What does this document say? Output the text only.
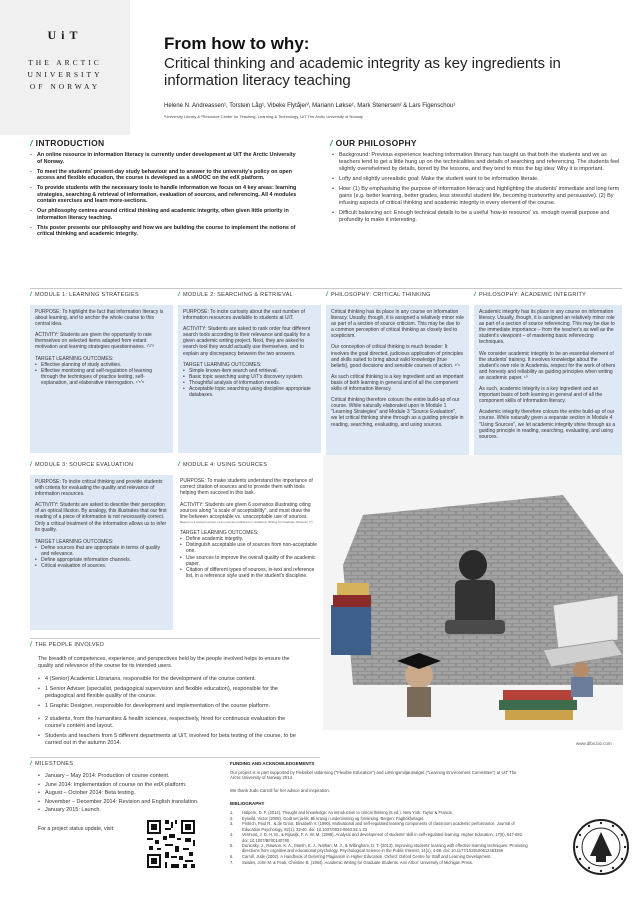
UiT
THE ARCTIC
UNIVERSITY
OF NORWAY
From how to why:
Critical thinking and academic integrity as key ingredients in information literacy teaching
Helene N. Andreassen¹, Torstein Låg¹, Vibeke Flytåjer², Mariann Løkse¹, Mark Stenersen² & Lars Figenschou¹
¹University Library & ²Resource Center for Teaching, Learning & Technology, UiT The Arctic University of Norway
/ INTRODUCTION
- An online resource in information literacy is currently under development at UiT the Arctic University of Norway.
- To meet the students' present-day study behaviour and to answer to the university's policy on open access and flexible education, the course is developed as a sMOOC on the edX platform.
- To provide students with the necessary tools to handle information we focus on 4 key areas: learning strategies, searching & retrieval of information, evaluation of sources, and referencing. All 4 modules contain exercises and learn more-sections.
- Our philosophy centres around critical thinking and academic integrity, often given little priority in information literacy teaching.
- This poster presents our philosophy and how we are building the course to implement the notions of critical thinking and academic integrity.
/ OUR PHILOSOPHY
• Background: Previous experience teaching information literacy has taught us that both the students and we as teachers tend to get a little hung up on the technicalities and details of searching and referencing. The students feel slightly overwhelmed by details, bored by the lessons, and they tend to miss the big idea: Why it is important.
• Lofty and slightly unrealistic goal: Make the student want to be information literate.
• How: (1) By emphasising the purpose of information literacy and highlighting the students' immediate and long term gains (e.g. better learning, better grades, less stressful student life, becoming trustworthy and persuasive). (2) By infusing aspects of critical thinking and academic integrity in every element of the course.
• Difficult balancing act: Enough technical details to be a useful 'how-to resource' vs. enough overall purpose and profundity to make it interesting.
/ MODULE 1: LEARNING STRATEGIES	/ MODULE 2: SEARCHING & RETRIEVAL	/ PHILOSOPHY: CRITICAL THINKING	/ PHILOSOPHY: ACADEMIC INTEGRITY

PURPOSE: To highlight the fact that information literacy is about learning, and to anchor the whole course to this central idea.

ACTIVITY: Students are given the opportunity to rate themselves on selected items adapted from extant motivation and learning strategies questionnaires. ¹ʼ²ʼ³

TARGET LEARNING OUTCOMES:

• Effective planning of study activities.
• Effective monitoring and self-regulation of learning through the techniques of practice testing, self-explanation, and elaborative interrogation. ⁴ʼ⁵ʼ⁶

PURPOSE: To incite curiosity about the vast number of information resources available to students at UiT.

ACTIVITY: Students are asked to rank order four different search tools according to their relevance and quality for a given academic writing project. Next, they are asked to search tool they would actually use themselves, and to explain any discrepancy between the two answers.

TARGET LEARNING OUTCOMES:

• Simple known-item search and retrieval.
• Basic topic searching using UiT's discovery system.
• Thoughtful analysis of information needs.
• Acceptable topic searching using discipline appropriate databases.

Critical thinking has its place in any course on information literacy. Usually, though, it is assigned a relatively minor role as part of a section of source criticism. This may be due to a common perception of critical thinking as closely tied to scepticism.

Our conception of critical thinking is much broader: It involves the goal directed, judicious application of principles and skills suited to bring about valid knowledge (true beliefs), good decisions and sensible courses of action. ⁸ʼ⁹

As such critical thinking is a key ingredient and an important basis of both learning in general and of all the component skills of information literacy.

Critical thinking therefore colours the entire build-up of our course. While naturally elaborated upon in Module 1 "Learning Strategies" and Module 3 "Source Evaluation", we let critical thinking shine through as a guiding principle in reading, searching, evaluating, and using sources.

Academic integrity has its place in any course on information literacy. Usually, though, it is assigned an relatively minor role as part of a section of source referencing. This may be due to the immediate importance – from the teacher's as well as the student's viewpoint – of mastering basic referencing techniques.

We consider academic integrity to be an essential element of the students' training. It involves knowledge about the student's own role in Academia, respect for the work of others and honesty and reliability as guiding principles when writing an academic paper. ¹⁰

As such, academic integrity is a key ingredient and an important basis of both learning in general and of all the component skills of information literacy.

Academic integrity therefore colours the entire build-up of our course. While naturally given a separate section in Module 4 "Using Sources", we let academic integrity shine through as a guiding principle in reading, searching, evaluating, and using sources.

/ MODULE 3: SOURCE EVALUATION	/ MODULE 4: USING SOURCES

PURPOSE: To incite critical thinking and provide students with criteria for evaluating the quality and relevance of information resources.

ACTIVITY: Students are asked to describe their perception of an optical illusion. By analogy, this illustrates that our first reading of a piece of information is not necessarily correct. Only a critical treatment of the information allows us to infer its quality.

TARGET LEARNING OUTCOMES:

• Define sources that are appropriate in terms of quality and relevance.
• Define appropriate information channels.
• Critical evaluation of sources.

PURPOSE: To make students understand the importance of correct citation of sources and to provide them with tools helping them succeed in this task.

ACTIVITY: Students are given 6 scenarios illustrating citing sources along "a scale of acceptability", and must draw the line between acceptable vs. unacceptable use of sources.

Based on a revised version of an exercise published in 'Academic Writing for Graduate Students' (7)

TARGET LEARNING OUTCOMES:

• Define academic integrity.
• Distinguish acceptable use of sources from non-acceptable one.
• Use sources to improve the overall quality of the academic paper.
• Citation of different types of sources, in-text and reference list, in a reference style used in the student's discipline.
www.dibs.biz.com
/ THE PEOPLE INVOLVED
The breadth of competences, experience, and perspectives held by the people involved helps to ensure the quality and relevance of the course for its intended users.
• 4 (Senior) Academic Librarians, responsible for the development of the course content.
• 1 Senior Adviser (specialist, pedagogical supervision and flexible education), responsible for the pedagogical and flexible quality of the course.
• 1 Graphic Designer, responsible for development and implementation of the course platform.
• 2 students, from the humanities & health sciences, respectively, hired for continuous evaluation the course's content and layout.
• Students and teachers from 5 different departments at UiT, involved for beta testing of the course, to be carried out in the autumn 2014.
/ MILESTONES
• January – May 2014: Production of course content.
• June 2014: Implementation of course on the edX platform.
• August – October 2014: Beta testing.
• November – December 2014: Revision and English translation.
• January 2015: Launch.
For a project status update, visit:
FUNDING AND ACKNOWLEDGEMENTS
Our project is in part supported by Fleksibel utdanning ("Flexible Education") and Læringsmiljøutvalget ("Learning Environment Committee") at UiT The Arctic University of Norway 2014.
We thank Jude Carroll for her advice and inspiration.
BIBLIOGRAPHY
1. Halpern, D. F. (2014). Thought and knowledge: An introduction to critical thinking (5 ed.). New York: Taylor & Francis.
2. Eynvild, Victor (2008). Godt vet ja-kk: Bli kravig i undervisning og forelesing. Bergen: Fagbokforlaget.
3. Pintrich, Paul R., & de Groot, Elisabeth V. (1990). Motivational and self-regulated learning components of classroom academic performance. Journal of Education Psychology, 82(1), 33-40. doi: 10.1037/0022-0663.82.1.33
4. Vermunt, J. D. H. M., & Rijswijk, F. A. W. M. (1988). Analysis and development of students' skill in self-regulated learning. Higher Education, 17(6), 647-682. doi: 10.1007/BF00140780
5. Dunlosky, J., Rawson, K. A., Marsh, E. J., Nathan, M. J., & Willingham, D. T. (2013). Improving students' learning with effective learning techniques: Promising directions from cognitive and educational psychology. Psychological Science in the Public Interest, 14(1), 4-58. doi: 10.1177/1529100612453266
6. Carroll, Jude (2002). A Handbook of Deterring Plagiarism in Higher Education. Oxford: Oxford Centre for Staff and Learning Development.
7. Swales, John M. & Feak, Christine B. (1994). Academic Writing for Graduate Students. Ann Arbor: University of Michigan Press.
